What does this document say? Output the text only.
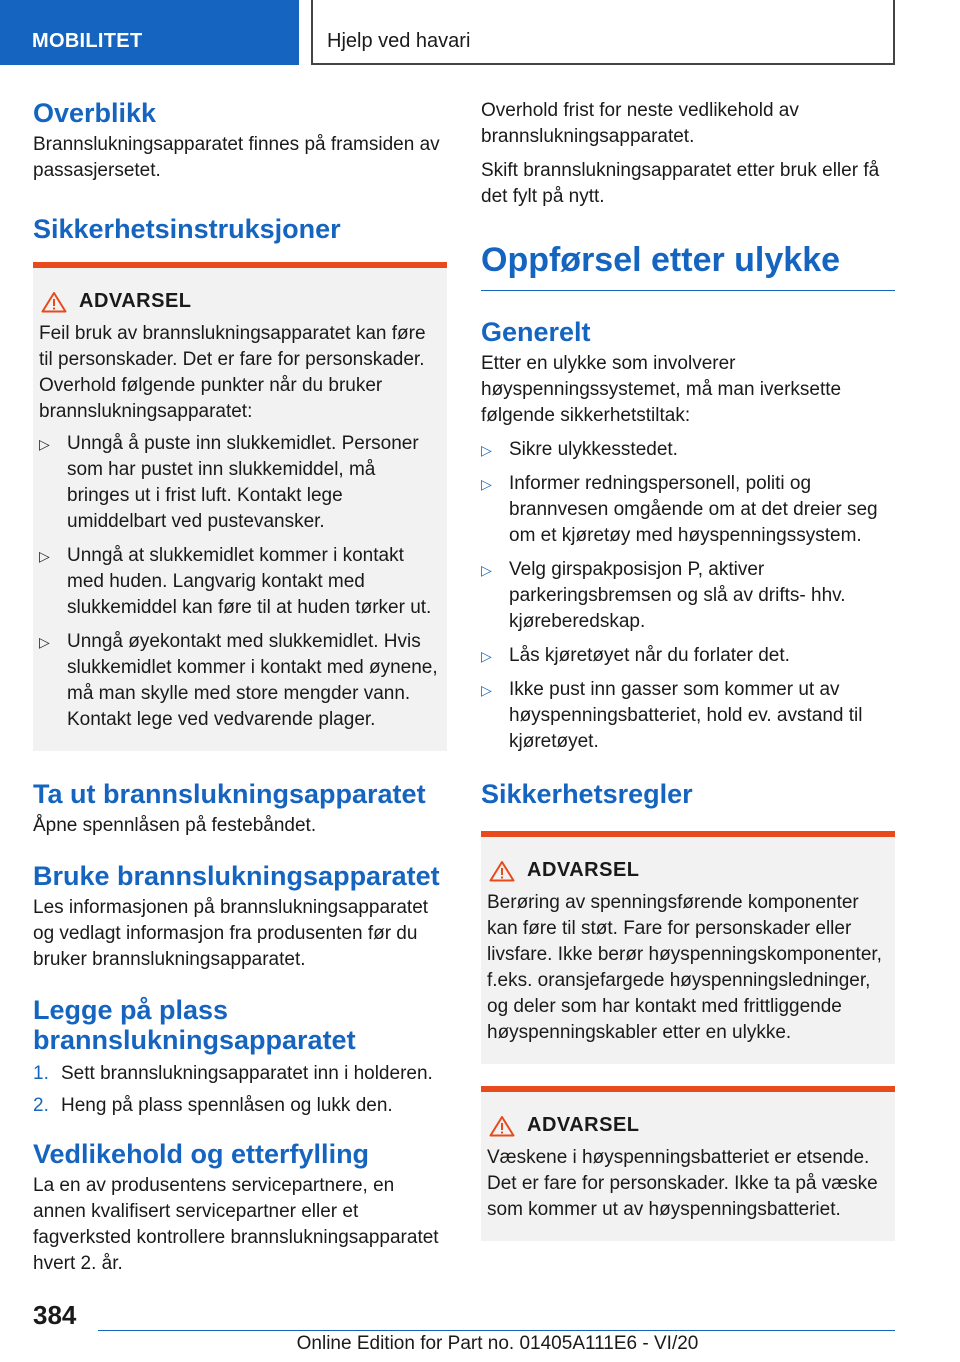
MOBILITET	Hjelp ved havari
Overblikk

Brannslukningsapparatet finnes på framsiden av passasjersetet.

Sikkerhetsinstruksjoner
ADVARSEL

Feil bruk av brannslukningsapparatet kan føre til personskader. Det er fare for personskader. Overhold følgende punkter når du bruker brannslukningsapparatet:

▷ Unngå å puste inn slukkemidlet. Personer som har pustet inn slukkemiddel, må bringes ut i frist luft. Kontakt lege umiddelbart ved pustevansker.
▷ Unngå at slukkemidlet kommer i kontakt med huden. Langvarig kontakt med slukkemiddel kan føre til at huden tørker ut.
▷ Unngå øyekontakt med slukkemidlet. Hvis slukkemidlet kommer i kontakt med øynene, må man skylle med store mengder vann. Kontakt lege ved vedvarende plager.
Ta ut brannslukningsapparatet

Åpne spennlåsen på festebåndet.

Bruke brannslukningsapparatet

Les informasjonen på brannslukningsapparatet og vedlagt informasjon fra produsenten før du bruker brannslukningsapparatet.

Legge på plass brannslukningsapparatet
1. Sett brannslukningsapparatet inn i holderen.
2. Heng på plass spennlåsen og lukk den.
Vedlikehold og etterfylling

La en av produsentens servicepartnere, en annen kvalifisert servicepartner eller et fagverksted kontrollere brannslukningsapparatet hvert 2. år.

Overhold frist for neste vedlikehold av brannslukningsapparatet.

Skift brannslukningsapparatet etter bruk eller få det fylt på nytt.

Oppførsel etter ulykke
Generelt

Etter en ulykke som involverer høyspenningssystemet, må man iverksette følgende sikkerhetstiltak:

▷ Sikre ulykkesstedet.
▷ Informer redningspersonell, politi og brannvesen omgående om at det dreier seg om et kjøretøy med høyspenningssystem.
▷ Velg girspakposisjon P, aktiver parkeringsbremsen og slå av drifts- hhv. kjøreberedskap.
▷ Lås kjøretøyet når du forlater det.
▷ Ikke pust inn gasser som kommer ut av høyspenningsbatteriet, hold ev. avstand til kjøretøyet.
Sikkerhetsregler
ADVARSEL

Berøring av spenningsførende komponenter kan føre til støt. Fare for personskader eller livsfare. Ikke berør høyspenningskomponenter, f.eks. oransjefargede høyspenningsledninger, og deler som har kontakt med frittliggende høyspenningskabler etter en ulykke.

ADVARSEL

Væskene i høyspenningsbatteriet er etsende. Det er fare for personskader. Ikke ta på væske som kommer ut av høyspenningsbatteriet.

384
Online Edition for Part no. 01405A111E6 - VI/20
